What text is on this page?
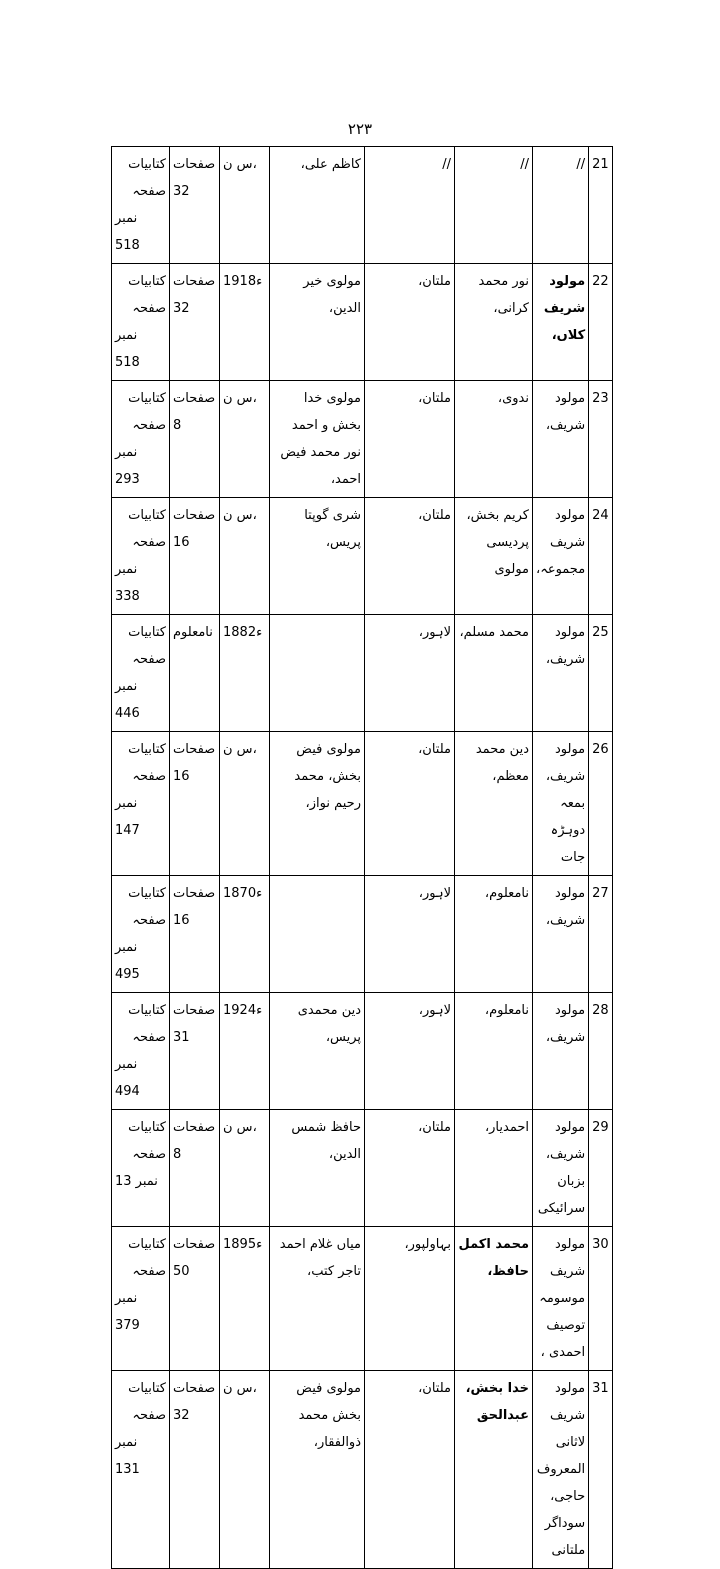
۲۲۳
کتابیات صفحہ
نمبر 518	صفحات 32	س ن،	کاظم علی،	//	//	//	21

کتابیات صفحہ
نمبر 518	صفحات 32	1918ء	مولوی خیر الدین،	ملتان،	نور محمد کرانی،	مولود شریف کلاں،	22

کتابیات صفحہ
نمبر 293	صفحات 8	س ن،	مولوی خدا بخش و احمد نور محمد فیض احمد،	ملتان،	ندوی،	مولود شریف،	23

کتابیات صفحہ
نمبر 338	صفحات 16	س ن،	شری گوپتا پریس،	ملتان،	کریم بخش، پردیسی مولوی	مولود شریف مجموعہ،	24

کتابیات صفحہ
نمبر 446	نامعلوم	1882ء		لاہور،	محمد مسلم،	مولود شریف،	25

کتابیات صفحہ
نمبر 147	صفحات 16	س ن،	مولوی فیض بخش، محمد رحیم نواز،	ملتان،	دین محمد معظم،	مولود شریف، بمعہ دوہڑہ جات	26

کتابیات صفحہ
نمبر 495	صفحات 16	1870ء		لاہور،	نامعلوم،	مولود شریف،	27

کتابیات صفحہ
نمبر 494	صفحات 31	1924ء	دین محمدی پریس،	لاہور،	نامعلوم،	مولود شریف،	28

کتابیات صفحہ
نمبر 13	صفحات 8	س ن،	حافظ شمس الدین،	ملتان،	احمدیار،	مولود شریف، بزبان سرائیکی	29

کتابیات صفحہ
نمبر 379	صفحات 50	1895ء	میاں غلام احمد تاجر کتب،	بہاولپور،	محمد اکمل حافظ،	مولود شریف موسومہ توصیف احمدی ،	30

کتابیات صفحہ
نمبر 131	صفحات 32	س ن،	مولوی فیض بخش محمد ذوالفقار،	ملتان،	خدا بخش، عبدالحق	مولود شریف لاثانی المعروف حاجی، سوداگر ملتانی	31
